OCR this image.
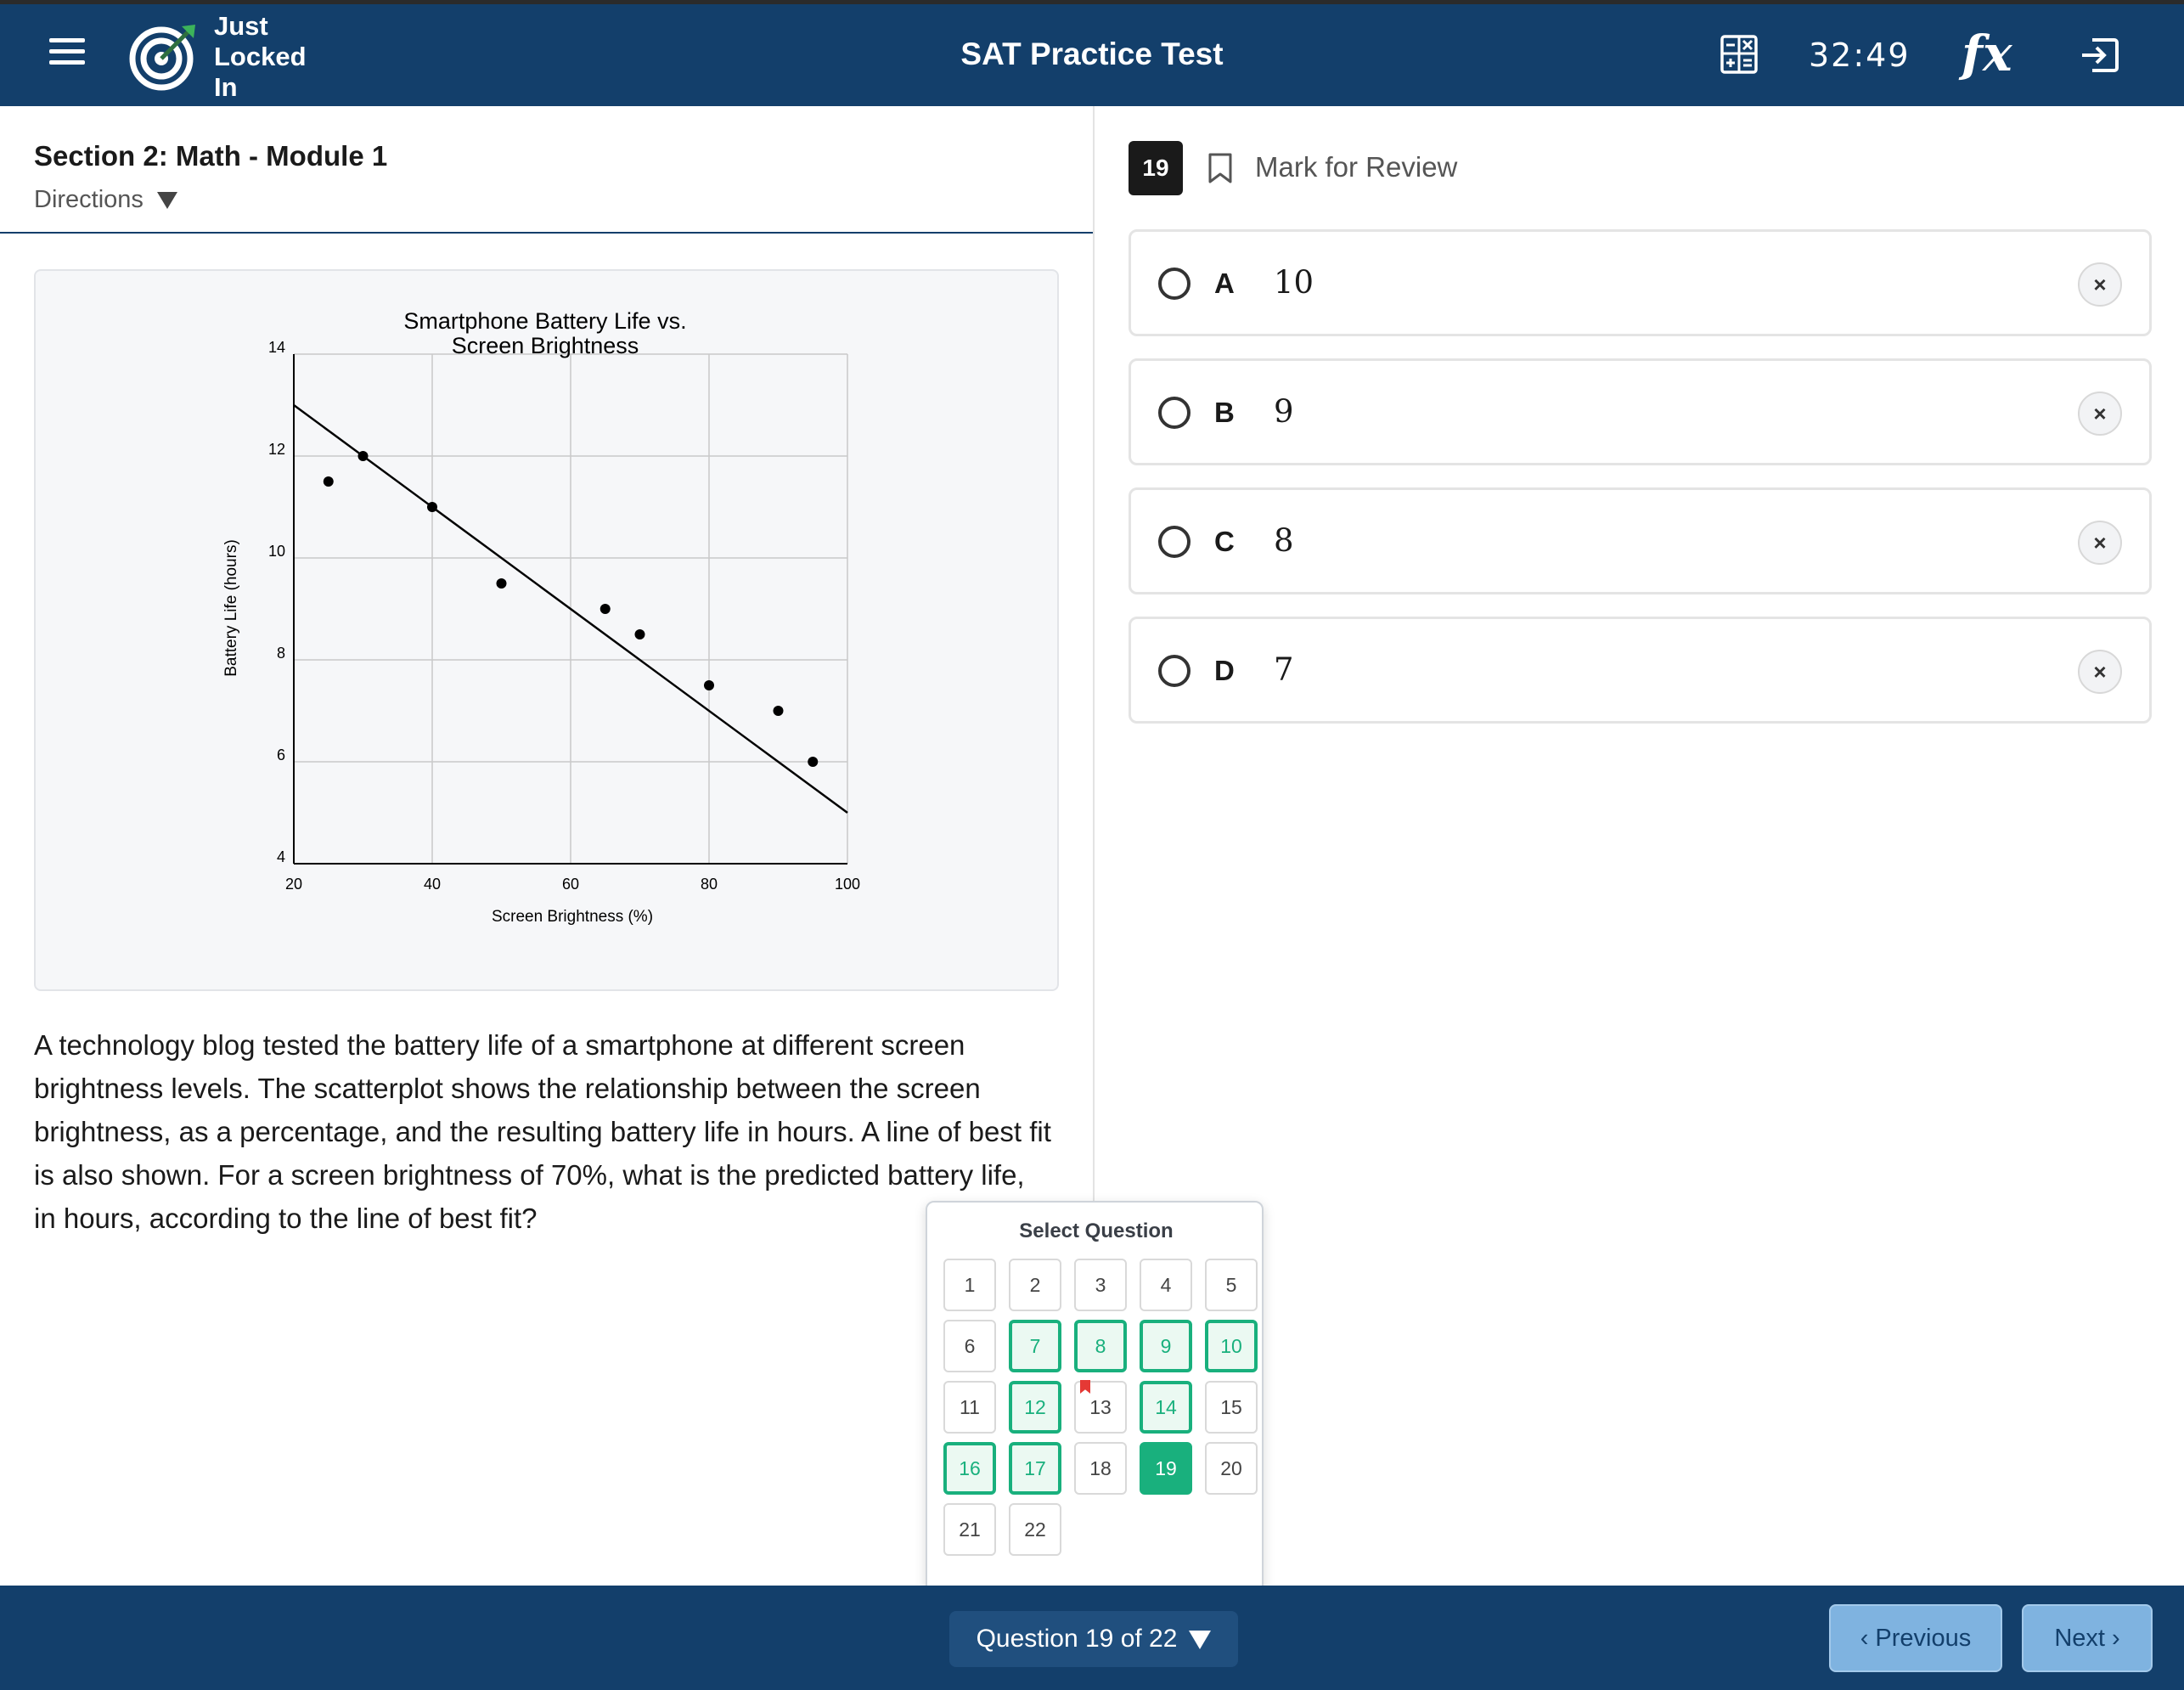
Just
Locked
In
SAT Practice Test	32:49 fx
Section 2: Math - Module 1
Directions
20	40	60	80	100
4
6
8
10
12
14
Smartphone Battery Life vs.
Screen Brightness
Screen Brightness (%)
Battery Life (hours)
A technology blog tested the battery life of a smartphone at different screen brightness levels. The scatterplot shows the relationship between the screen brightness, as a percentage, and the resulting battery life in hours. A line of best fit is also shown. For a screen brightness of 70%, what is the predicted battery life, in hours, according to the line of best fit?
19	Mark for Review
A 10	×
B 9	×
C 8	×
D 7	×
Select Question
1	2	3	4	5
6	7	8	9	10
11	12	13	14	15
16	17	18	19	20
21	22
Question 19 of 22	‹ Previous	Next ›
